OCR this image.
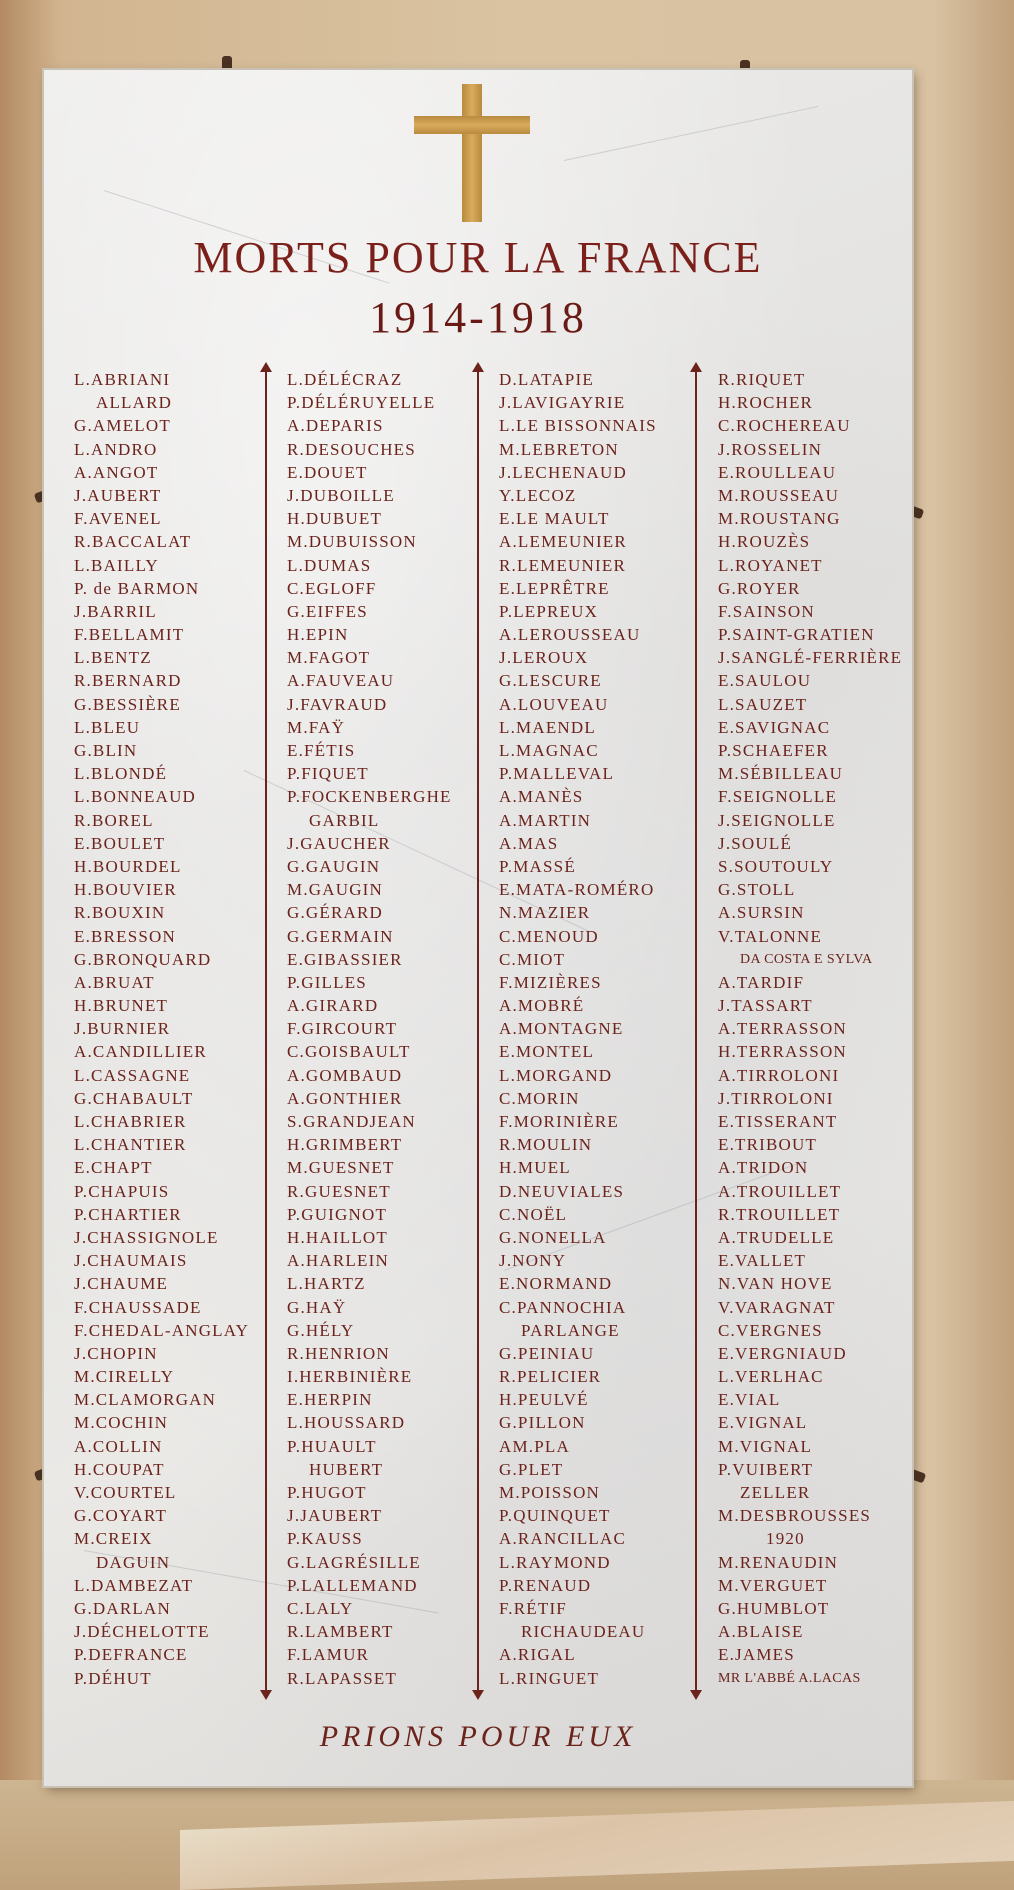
MORTS POUR LA FRANCE
1914-1918
L.ABRIANI
ALLARD
G.AMELOT
L.ANDRO
A.ANGOT
J.AUBERT
F.AVENEL
R.BACCALAT
L.BAILLY
P. de BARMON
J.BARRIL
F.BELLAMIT
L.BENTZ
R.BERNARD
G.BESSIÈRE
L.BLEU
G.BLIN
L.BLONDÉ
L.BONNEAUD
R.BOREL
E.BOULET
H.BOURDEL
H.BOUVIER
R.BOUXIN
E.BRESSON
G.BRONQUARD
A.BRUAT
H.BRUNET
J.BURNIER
A.CANDILLIER
L.CASSAGNE
G.CHABAULT
L.CHABRIER
L.CHANTIER
E.CHAPT
P.CHAPUIS
P.CHARTIER
J.CHASSIGNOLE
J.CHAUMAIS
J.CHAUME
F.CHAUSSADE
F.CHEDAL-ANGLAY
J.CHOPIN
M.CIRELLY
M.CLAMORGAN
M.COCHIN
A.COLLIN
H.COUPAT
V.COURTEL
G.COYART
M.CREIX
DAGUIN
L.DAMBEZAT
G.DARLAN
J.DÉCHELOTTE
P.DEFRANCE
P.DÉHUT
L.DÉLÉCRAZ
P.DÉLÉRUYELLE
A.DEPARIS
R.DESOUCHES
E.DOUET
J.DUBOILLE
H.DUBUET
M.DUBUISSON
L.DUMAS
C.EGLOFF
G.EIFFES
H.EPIN
M.FAGOT
A.FAUVEAU
J.FAVRAUD
M.FAŸ
E.FÉTIS
P.FIQUET
P.FOCKENBERGHE
GARBIL
J.GAUCHER
G.GAUGIN
M.GAUGIN
G.GÉRARD
G.GERMAIN
E.GIBASSIER
P.GILLES
A.GIRARD
F.GIRCOURT
C.GOISBAULT
A.GOMBAUD
A.GONTHIER
S.GRANDJEAN
H.GRIMBERT
M.GUESNET
R.GUESNET
P.GUIGNOT
H.HAILLOT
A.HARLEIN
L.HARTZ
G.HAŸ
G.HÉLY
R.HENRION
I.HERBINIÈRE
E.HERPIN
L.HOUSSARD
P.HUAULT
HUBERT
P.HUGOT
J.JAUBERT
P.KAUSS
G.LAGRÉSILLE
P.LALLEMAND
C.LALY
R.LAMBERT
F.LAMUR
R.LAPASSET
D.LATAPIE
J.LAVIGAYRIE
L.LE BISSONNAIS
M.LEBRETON
J.LECHENAUD
Y.LECOZ
E.LE MAULT
A.LEMEUNIER
R.LEMEUNIER
E.LEPRÊTRE
P.LEPREUX
A.LEROUSSEAU
J.LEROUX
G.LESCURE
A.LOUVEAU
L.MAENDL
L.MAGNAC
P.MALLEVAL
A.MANÈS
A.MARTIN
A.MAS
P.MASSÉ
E.MATA-ROMÉRO
N.MAZIER
C.MENOUD
C.MIOT
F.MIZIÈRES
A.MOBRÉ
A.MONTAGNE
E.MONTEL
L.MORGAND
C.MORIN
F.MORINIÈRE
R.MOULIN
H.MUEL
D.NEUVIALES
C.NOËL
G.NONELLA
J.NONY
E.NORMAND
C.PANNOCHIA
PARLANGE
G.PEINIAU
R.PELICIER
H.PEULVÉ
G.PILLON
AM.PLA
G.PLET
M.POISSON
P.QUINQUET
A.RANCILLAC
L.RAYMOND
P.RENAUD
F.RÉTIF
RICHAUDEAU
A.RIGAL
L.RINGUET
R.RIQUET
H.ROCHER
C.ROCHEREAU
J.ROSSELIN
E.ROULLEAU
M.ROUSSEAU
M.ROUSTANG
H.ROUZÈS
L.ROYANET
G.ROYER
F.SAINSON
P.SAINT-GRATIEN
J.SANGLÉ-FERRIÈRE
E.SAULOU
L.SAUZET
E.SAVIGNAC
P.SCHAEFER
M.SÉBILLEAU
F.SEIGNOLLE
J.SEIGNOLLE
J.SOULÉ
S.SOUTOULY
G.STOLL
A.SURSIN
V.TALONNE
DA COSTA E SYLVA
A.TARDIF
J.TASSART
A.TERRASSON
H.TERRASSON
A.TIRROLONI
J.TIRROLONI
E.TISSERANT
E.TRIBOUT
A.TRIDON
A.TROUILLET
R.TROUILLET
A.TRUDELLE
E.VALLET
N.VAN HOVE
V.VARAGNAT
C.VERGNES
E.VERGNIAUD
L.VERLHAC
E.VIAL
E.VIGNAL
M.VIGNAL
P.VUIBERT
ZELLER
M.DESBROUSSES
1920
M.RENAUDIN
M.VERGUET
G.HUMBLOT
A.BLAISE
E.JAMES
MR L'ABBÉ A.LACAS
PRIONS POUR EUX
